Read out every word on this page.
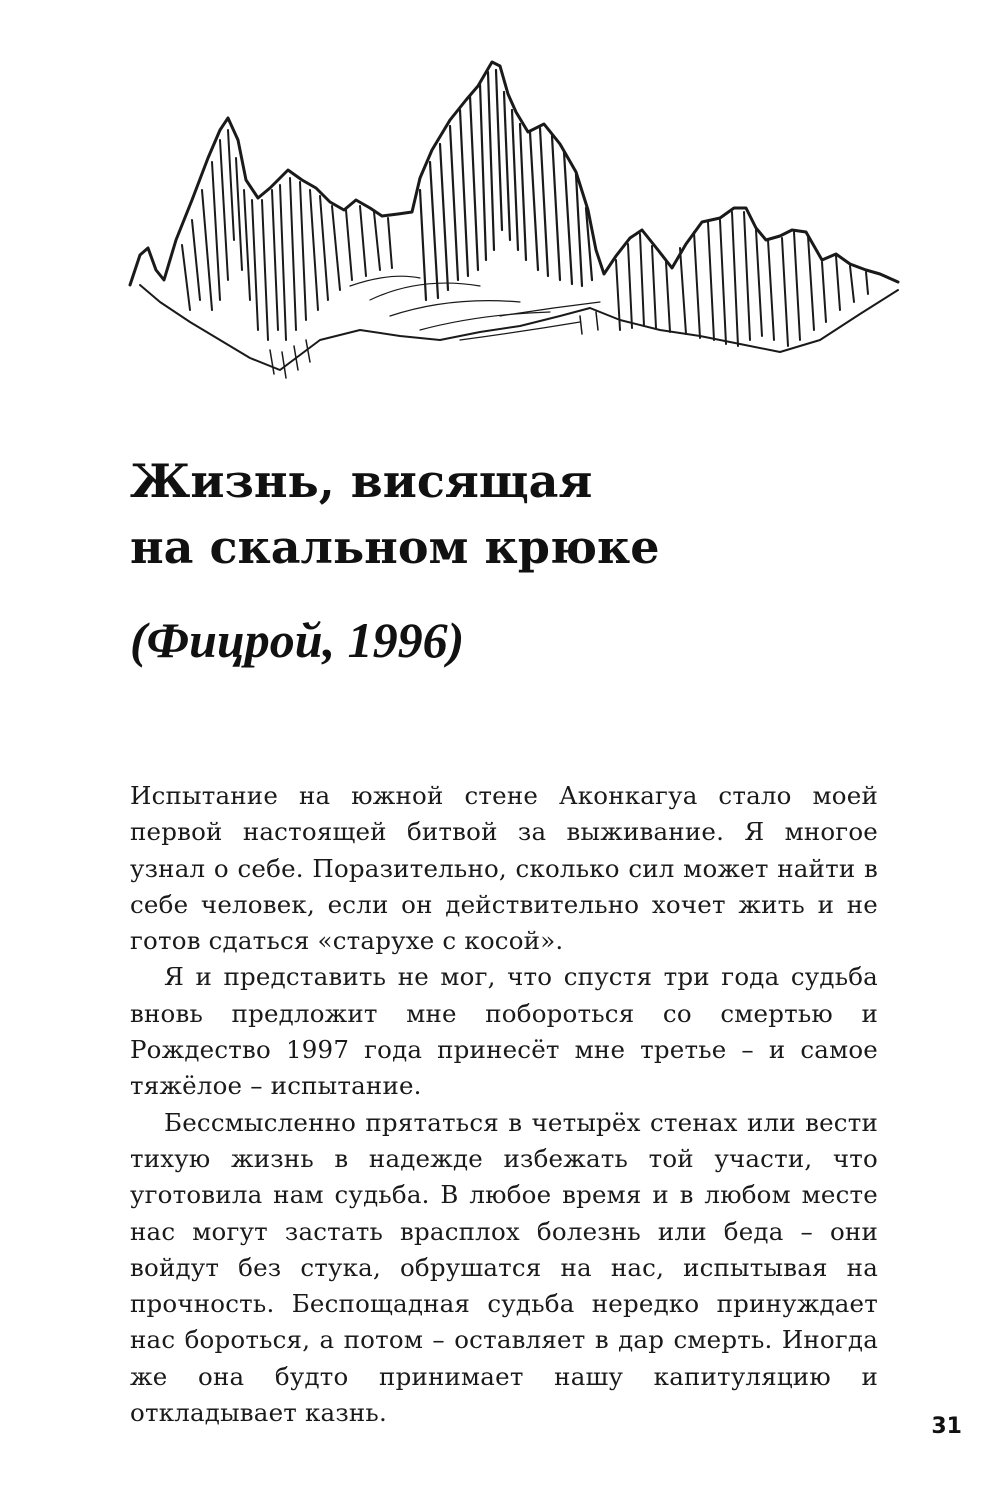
Жизнь, висящая
на скальном крюке
(Фицрой, 1996)

Испытание на южной стене Аконкагуа стало моей первой настоящей битвой за выживание. Я многое узнал о себе. Поразительно, сколько сил может найти в себе человек, если он действительно хочет жить и не готов сдаться «старухе с косой».

Я и представить не мог, что спустя три года судьба вновь предложит мне побороться со смертью и Рождество 1997 года принесёт мне третье – и самое тяжёлое – испытание.

Бессмысленно прятаться в четырёх стенах или вести тихую жизнь в надежде избежать той участи, что уготовила нам судьба. В любое время и в любом месте нас могут застать врасплох болезнь или беда – они войдут без стука, обрушатся на нас, испытывая на прочность. Беспощадная судьба нередко принуждает нас бороться, а потом – оставляет в дар смерть. Иногда же она будто принимает нашу капитуляцию и откладывает казнь.	31
